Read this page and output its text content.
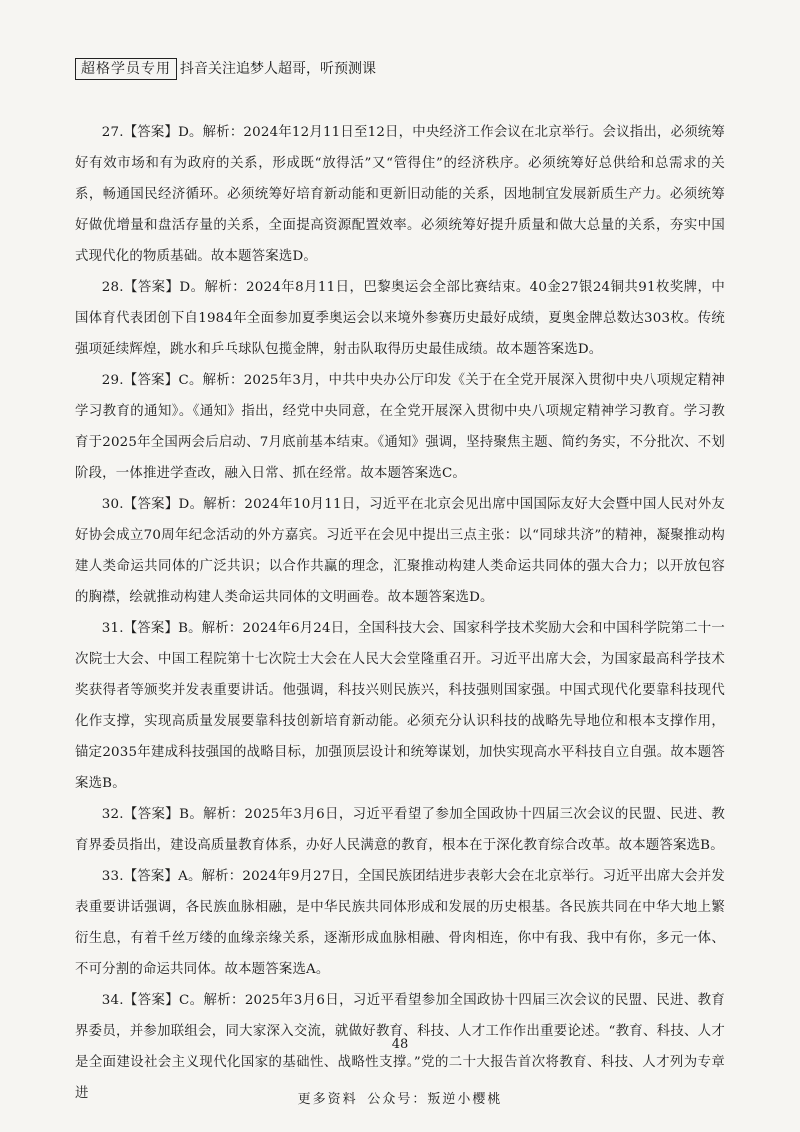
超格学员专用 抖音关注追梦人超哥，听预测课

27.【答案】D。解析：2024年12月11日至12日，中央经济工作会议在北京举行。会议指出，必须统筹好有效市场和有为政府的关系，形成既“放得活”又“管得住”的经济秩序。必须统筹好总供给和总需求的关系，畅通国民经济循环。必须统筹好培育新动能和更新旧动能的关系，因地制宜发展新质生产力。必须统筹好做优增量和盘活存量的关系，全面提高资源配置效率。必须统筹好提升质量和做大总量的关系，夯实中国式现代化的物质基础。故本题答案选D。

28.【答案】D。解析：2024年8月11日，巴黎奥运会全部比赛结束。40金27银24铜共91枚奖牌，中国体育代表团创下自1984年全面参加夏季奥运会以来境外参赛历史最好成绩，夏奥金牌总数达303枚。传统强项延续辉煌，跳水和乒乓球队包揽金牌，射击队取得历史最佳成绩。故本题答案选D。

29.【答案】C。解析：2025年3月，中共中央办公厅印发《关于在全党开展深入贯彻中央八项规定精神学习教育的通知》。《通知》指出，经党中央同意，在全党开展深入贯彻中央八项规定精神学习教育。学习教育于2025年全国两会后启动、7月底前基本结束。《通知》强调，坚持聚焦主题、简约务实，不分批次、不划阶段，一体推进学查改，融入日常、抓在经常。故本题答案选C。

30.【答案】D。解析：2024年10月11日，习近平在北京会见出席中国国际友好大会暨中国人民对外友好协会成立70周年纪念活动的外方嘉宾。习近平在会见中提出三点主张：以“同球共济”的精神，凝聚推动构建人类命运共同体的广泛共识；以合作共赢的理念，汇聚推动构建人类命运共同体的强大合力；以开放包容的胸襟，绘就推动构建人类命运共同体的文明画卷。故本题答案选D。

31.【答案】B。解析：2024年6月24日，全国科技大会、国家科学技术奖励大会和中国科学院第二十一次院士大会、中国工程院第十七次院士大会在人民大会堂隆重召开。习近平出席大会，为国家最高科学技术奖获得者等颁奖并发表重要讲话。他强调，科技兴则民族兴，科技强则国家强。中国式现代化要靠科技现代化作支撑，实现高质量发展要靠科技创新培育新动能。必须充分认识科技的战略先导地位和根本支撑作用，锚定2035年建成科技强国的战略目标，加强顶层设计和统筹谋划，加快实现高水平科技自立自强。故本题答案选B。

32.【答案】B。解析：2025年3月6日，习近平看望了参加全国政协十四届三次会议的民盟、民进、教育界委员指出，建设高质量教育体系，办好人民满意的教育，根本在于深化教育综合改革。故本题答案选B。

33.【答案】A。解析：2024年9月27日，全国民族团结进步表彰大会在北京举行。习近平出席大会并发表重要讲话强调，各民族血脉相融，是中华民族共同体形成和发展的历史根基。各民族共同在中华大地上繁衍生息，有着千丝万缕的血缘亲缘关系，逐渐形成血脉相融、骨肉相连，你中有我、我中有你，多元一体、不可分割的命运共同体。故本题答案选A。

34.【答案】C。解析：2025年3月6日，习近平看望参加全国政协十四届三次会议的民盟、民进、教育界委员，并参加联组会，同大家深入交流，就做好教育、科技、人才工作作出重要论述。“教育、科技、人才是全面建设社会主义现代化国家的基础性、战略性支撑。”党的二十大报告首次将教育、科技、人才列为专章进

48
更多资料 公众号：叛逆小樱桃
